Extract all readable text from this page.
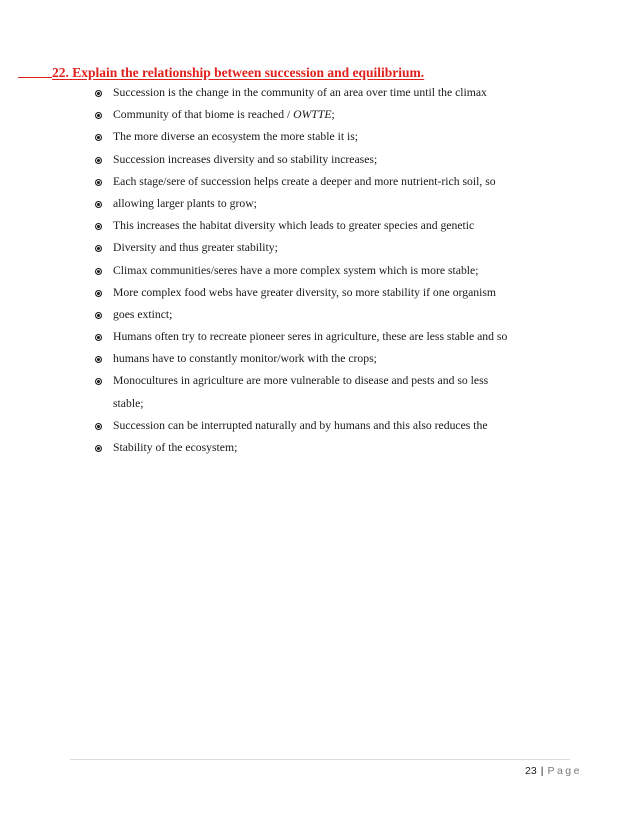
22. Explain the relationship between succession and equilibrium.
Succession is the change in the community of an area over time until the climax
Community of that biome is reached / OWTTE;
The more diverse an ecosystem the more stable it is;
Succession increases diversity and so stability increases;
Each stage/sere of succession helps create a deeper and more nutrient-rich soil, so
allowing larger plants to grow;
This increases the habitat diversity which leads to greater species and genetic
Diversity and thus greater stability;
Climax communities/seres have a more complex system which is more stable;
More complex food webs have greater diversity, so more stability if one organism
goes extinct;
Humans often try to recreate pioneer seres in agriculture, these are less stable and so
humans have to constantly monitor/work with the crops;
Monocultures in agriculture are more vulnerable to disease and pests and so less
stable;
Succession can be interrupted naturally and by humans and this also reduces the
Stability of the ecosystem;
23 | Page
